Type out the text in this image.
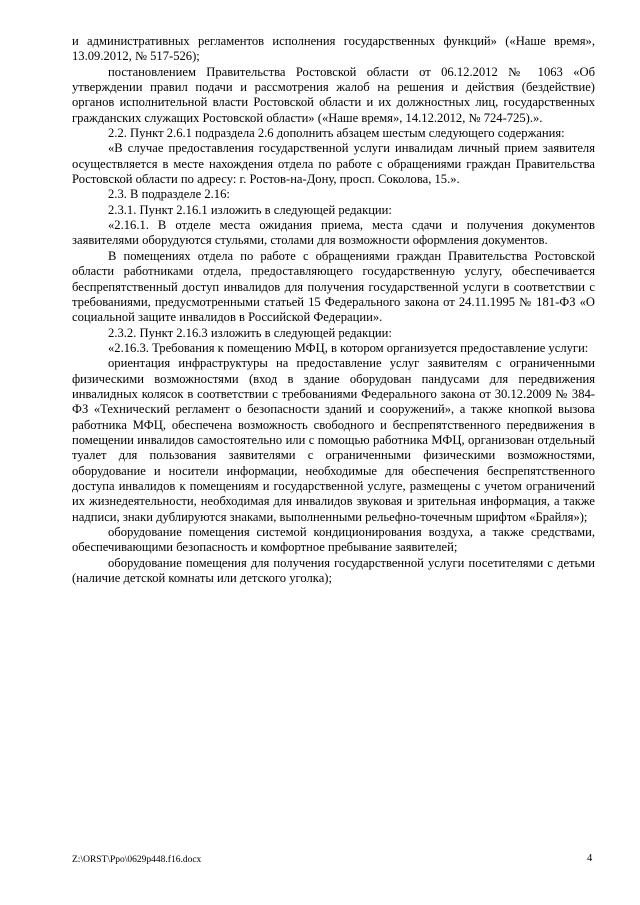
и административных регламентов исполнения государственных функций» («Наше время», 13.09.2012, № 517-526);

постановлением Правительства Ростовской области от 06.12.2012 № 1063 «Об утверждении правил подачи и рассмотрения жалоб на решения и действия (бездействие) органов исполнительной власти Ростовской области и их должностных лиц, государственных гражданских служащих Ростовской области» («Наше время», 14.12.2012, № 724-725).».

2.2. Пункт 2.6.1 подраздела 2.6 дополнить абзацем шестым следующего содержания:

«В случае предоставления государственной услуги инвалидам личный прием заявителя осуществляется в месте нахождения отдела по работе с обращениями граждан Правительства Ростовской области по адресу: г. Ростов-на-Дону, просп. Соколова, 15.».

2.3. В подразделе 2.16:

2.3.1. Пункт 2.16.1 изложить в следующей редакции:

«2.16.1. В отделе места ожидания приема, места сдачи и получения документов заявителями оборудуются стульями, столами для возможности оформления документов.

В помещениях отдела по работе с обращениями граждан Правительства Ростовской области работниками отдела, предоставляющего государственную услугу, обеспечивается беспрепятственный доступ инвалидов для получения государственной услуги в соответствии с требованиями, предусмотренными статьей 15 Федерального закона от 24.11.1995 № 181-ФЗ «О социальной защите инвалидов в Российской Федерации».

2.3.2. Пункт 2.16.3 изложить в следующей редакции:

«2.16.3. Требования к помещению МФЦ, в котором организуется предоставление услуги:

ориентация инфраструктуры на предоставление услуг заявителям с ограниченными физическими возможностями (вход в здание оборудован пандусами для передвижения инвалидных колясок в соответствии с требованиями Федерального закона от 30.12.2009 № 384-ФЗ «Технический регламент о безопасности зданий и сооружений», а также кнопкой вызова работника МФЦ, обеспечена возможность свободного и беспрепятственного передвижения в помещении инвалидов самостоятельно или с помощью работника МФЦ, организован отдельный туалет для пользования заявителями с ограниченными физическими возможностями, оборудование и носители информации, необходимые для обеспечения беспрепятственного доступа инвалидов к помещениям и государственной услуге, размещены с учетом ограничений их жизнедеятельности, необходимая для инвалидов звуковая и зрительная информация, а также надписи, знаки дублируются знаками, выполненными рельефно-точечным шрифтом «Брайля»);

оборудование помещения системой кондиционирования воздуха, а также средствами, обеспечивающими безопасность и комфортное пребывание заявителей;

оборудование помещения для получения государственной услуги посетителями с детьми (наличие детской комнаты или детского уголка);

Z:\ORST\Ppo\0629p448.f16.docx	4
